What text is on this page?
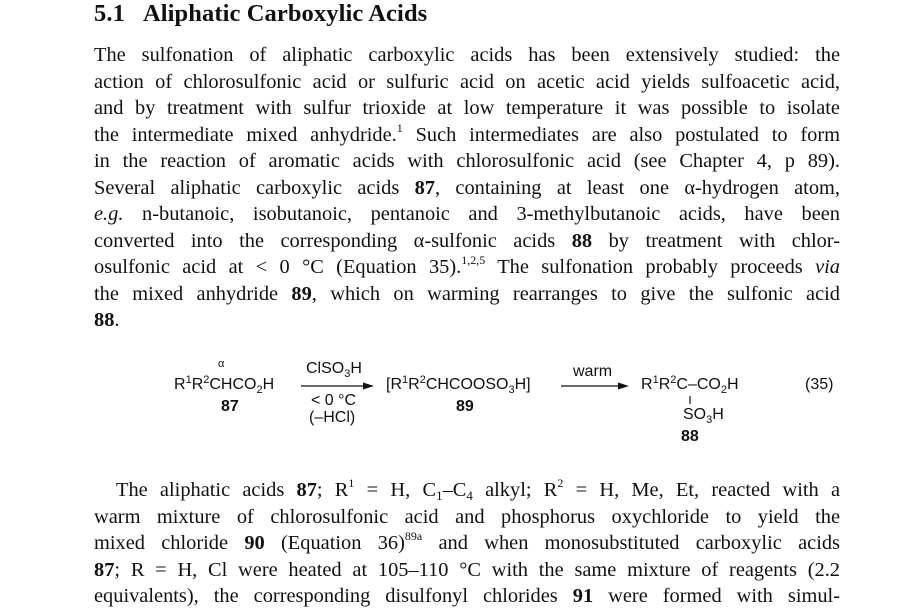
5.1 Aliphatic Carboxylic Acids

The sulfonation of aliphatic carboxylic acids has been extensively studied: the
action of chlorosulfonic acid or sulfuric acid on acetic acid yields sulfoacetic acid,
and by treatment with sulfur trioxide at low temperature it was possible to isolate
the intermediate mixed anhydride.$^1$ Such intermediates are also postulated to form
in the reaction of aromatic acids with chlorosulfonic acid (see Chapter 4, p 89).
Several aliphatic carboxylic acids 87, containing at least one α-hydrogen atom,
e.g. n-butanoic, isobutanoic, pentanoic and 3-methylbutanoic acids, have been
converted into the corresponding α-sulfonic acids 88 by treatment with chlor-
osulfonic acid at < 0 °C (Equation 35).$^{1,2,5}$ The sulfonation probably proceeds via
the mixed anhydride 89, which on warming rearranges to give the sulfonic acid
88.

α
$R^1R^2CHCO_2H$
87
ClSO$_3$H
< 0 °C
(–HCl)
$[R^1R^2CHCOOSO_3H]$
89
warm
$R^1R^2C-CO_2H$
$SO_3H$
88
(35)

The aliphatic acids 87; $R^1 = H$, $C_1-C_4$ alkyl; $R^2 = H$, Me, Et, reacted with a
warm mixture of chlorosulfonic acid and phosphorus oxychloride to yield the
mixed chloride 90 (Equation 36)$^{89a}$ and when monosubstituted carboxylic acids
87; R = H, Cl were heated at 105–110 °C with the same mixture of reagents (2.2
equivalents), the corresponding disulfonyl chlorides 91 were formed with simul-
